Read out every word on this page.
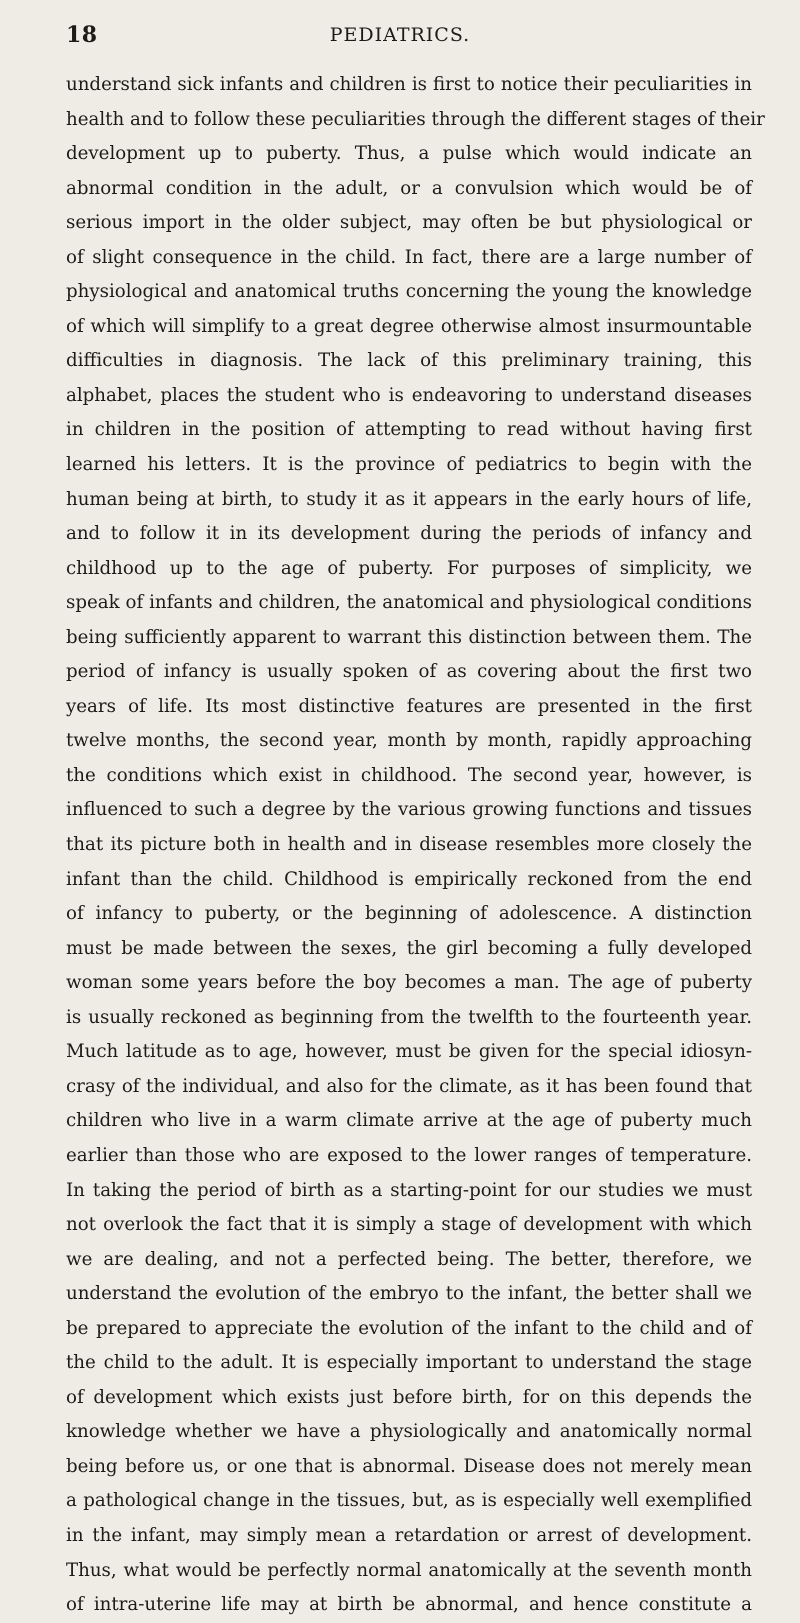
18	PEDIATRICS.
understand sick infants and children is first to notice their peculiarities in
health and to follow these peculiarities through the different stages of their
development up to puberty. Thus, a pulse which would indicate an
abnormal condition in the adult, or a convulsion which would be of
serious import in the older subject, may often be but physiological or
of slight consequence in the child. In fact, there are a large number of
physiological and anatomical truths concerning the young the knowledge
of which will simplify to a great degree otherwise almost insurmountable
difficulties in diagnosis. The lack of this preliminary training, this
alphabet, places the student who is endeavoring to understand diseases
in children in the position of attempting to read without having first
learned his letters. It is the province of pediatrics to begin with the
human being at birth, to study it as it appears in the early hours of life,
and to follow it in its development during the periods of infancy and
childhood up to the age of puberty. For purposes of simplicity, we
speak of infants and children, the anatomical and physiological conditions
being sufficiently apparent to warrant this distinction between them. The
period of infancy is usually spoken of as covering about the first two
years of life. Its most distinctive features are presented in the first
twelve months, the second year, month by month, rapidly approaching
the conditions which exist in childhood. The second year, however, is
influenced to such a degree by the various growing functions and tissues
that its picture both in health and in disease resembles more closely the
infant than the child. Childhood is empirically reckoned from the end
of infancy to puberty, or the beginning of adolescence. A distinction
must be made between the sexes, the girl becoming a fully developed
woman some years before the boy becomes a man. The age of puberty
is usually reckoned as beginning from the twelfth to the fourteenth year.
Much latitude as to age, however, must be given for the special idiosyn-
crasy of the individual, and also for the climate, as it has been found that
children who live in a warm climate arrive at the age of puberty much
earlier than those who are exposed to the lower ranges of temperature.
In taking the period of birth as a starting-point for our studies we must
not overlook the fact that it is simply a stage of development with which
we are dealing, and not a perfected being. The better, therefore, we
understand the evolution of the embryo to the infant, the better shall we
be prepared to appreciate the evolution of the infant to the child and of
the child to the adult. It is especially important to understand the stage
of development which exists just before birth, for on this depends the
knowledge whether we have a physiologically and anatomically normal
being before us, or one that is abnormal. Disease does not merely mean
a pathological change in the tissues, but, as is especially well exemplified
in the infant, may simply mean a retardation or arrest of development.
Thus, what would be perfectly normal anatomically at the seventh month
of intra-uterine life may at birth be abnormal, and hence constitute a
